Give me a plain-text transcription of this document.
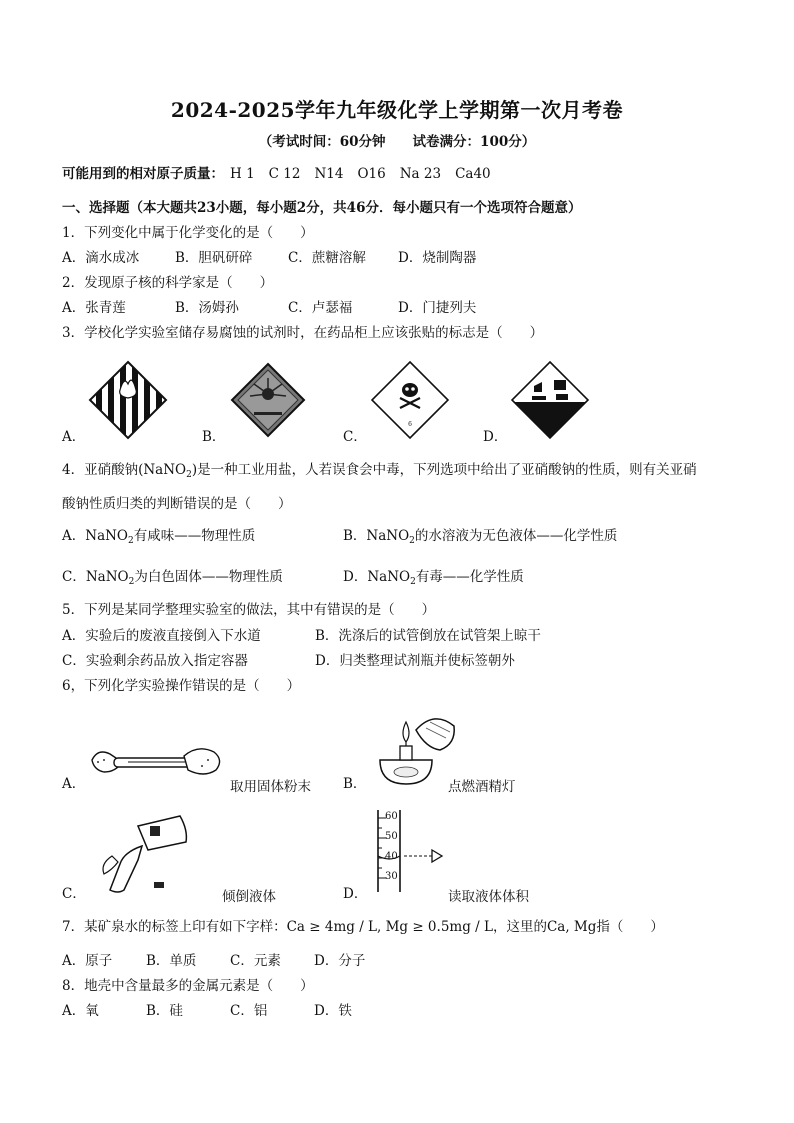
2024-2025学年九年级化学上学期第一次月考卷
（考试时间：60分钟　　试卷满分：100分）
可能用到的相对原子质量： H 1 C 12 N14 O16 Na 23 Ca40
一、选择题（本大题共23小题，每小题2分，共46分．每小题只有一个选项符合题意）
1．下列变化中属于化学变化的是（　　）
A．滴水成冰	B．胆矾研碎	C．蔗糖溶解 D．烧制陶器
2．发现原子核的科学家是（　　）
A．张青莲	B．汤姆孙	C．卢瑟福	D．门捷列夫
3．学校化学实验室储存易腐蚀的试剂时，在药品柜上应该张贴的标志是（　　）
A．	B．
6
C．	D．
4．亚硝酸钠(NaNO$_2$)是一种工业用盐，人若误食会中毒，下列选项中给出了亚硝酸钠的性质，则有关亚硝
酸钠性质归类的判断错误的是（　　）
A．NaNO$_2$有咸味——物理性质	B．NaNO$_2$的水溶液为无色液体——化学性质
C．NaNO$_2$为白色固体——物理性质	D．NaNO$_2$有毒——化学性质
5．下列是某同学整理实验室的做法，其中有错误的是（　　）
A．实验后的废液直接倒入下水道	B．洗涤后的试管倒放在试管架上晾干
C．实验剩余药品放入指定容器	D．归类整理试剂瓶并使标签朝外
6，下列化学实验操作错误的是（　　）
A．	取用固体粉末 B．	点燃酒精灯
C．	倾倒液体
60
50
40
30
D．	读取液体体积
7．某矿泉水的标签上印有如下字样：Ca ≥ 4mg / L, Mg ≥ 0.5mg / L，这里的Ca, Mg指（　　）
A．原子	B．单质 C．元素 D．分子
8．地壳中含量最多的金属元素是（　　）
A．氧	B．硅	C．铝	D．铁
